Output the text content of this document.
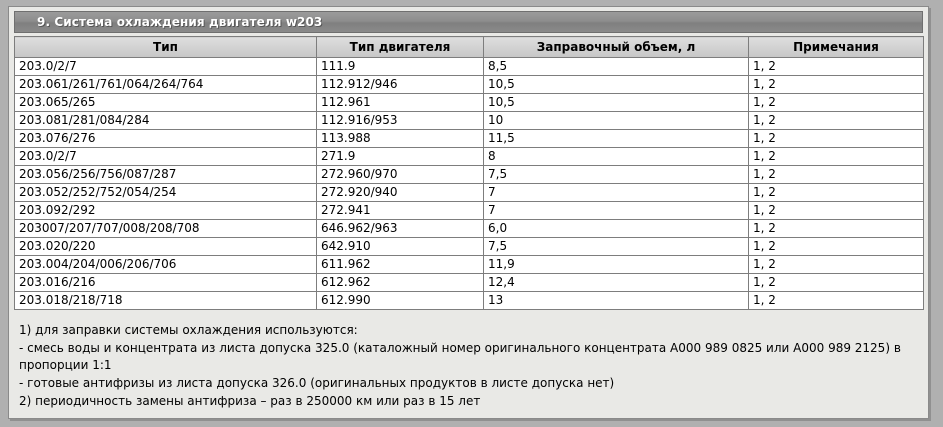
9. Система охлаждения двигателя w203
Тип	Тип двигателя	Заправочный объем, л	Примечания
203.0/2/7	111.9	8,5	1, 2
203.061/261/761/064/264/764	112.912/946	10,5	1, 2
203.065/265	112.961	10,5	1, 2
203.081/281/084/284	112.916/953	10	1, 2
203.076/276	113.988	11,5	1, 2
203.0/2/7	271.9	8	1, 2
203.056/256/756/087/287	272.960/970	7,5	1, 2
203.052/252/752/054/254	272.920/940	7	1, 2
203.092/292	272.941	7	1, 2
203007/207/707/008/208/708	646.962/963	6,0	1, 2
203.020/220	642.910	7,5	1, 2
203.004/204/006/206/706	611.962	11,9	1, 2
203.016/216	612.962	12,4	1, 2
203.018/218/718	612.990	13	1, 2

1) для заправки системы охлаждения используются:

- смесь воды и концентрата из листа допуска 325.0 (каталожный номер оригинального концентрата A000 989 0825 или A000 989 2125) в пропорции 1:1

- готовые антифризы из листа допуска 326.0 (оригинальных продуктов в листе допуска нет)

2) периодичность замены антифриза – раз в 250000 км или раз в 15 лет
